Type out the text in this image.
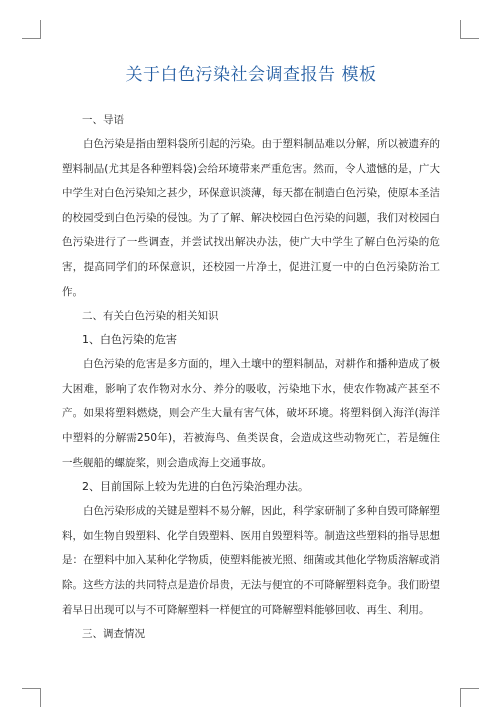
关于白色污染社会调查报告 模板

一、导语

白色污染是指由塑料袋所引起的污染。由于塑料制品难以分解，所以被遗弃的塑料制品(尤其是各种塑料袋)会给环境带来严重危害。然而，令人遗憾的是，广大中学生对白色污染知之甚少，环保意识淡薄，每天都在制造白色污染，使原本圣洁的校园受到白色污染的侵蚀。为了了解、解决校园白色污染的问题，我们对校园白色污染进行了一些调查，并尝试找出解决办法，使广大中学生了解白色污染的危害，提高同学们的环保意识，还校园一片净土，促进江夏一中的白色污染防治工作。

二、有关白色污染的相关知识

1、白色污染的危害

白色污染的危害是多方面的，埋入土壤中的塑料制品，对耕作和播种造成了极大困难，影响了农作物对水分、养分的吸收，污染地下水，使农作物减产甚至不产。如果将塑料燃烧，则会产生大量有害气体，破坏环境。将塑料倒入海洋(海洋中塑料的分解需250年)，若被海鸟、鱼类误食，会造成这些动物死亡，若是缠住一些舰船的螺旋桨，则会造成海上交通事故。

2、目前国际上较为先进的白色污染治理办法。

白色污染形成的关键是塑料不易分解，因此，科学家研制了多种自毁可降解塑料，如生物自毁塑料、化学自毁塑料、医用自毁塑料等。制造这些塑料的指导思想是：在塑料中加入某种化学物质，使塑料能被光照、细菌或其他化学物质溶解或消除。这些方法的共同特点是造价昂贵，无法与便宜的不可降解塑料竞争。我们盼望着早日出现可以与不可降解塑料一样便宜的可降解塑料能够回收、再生、利用。

三、调查情况
